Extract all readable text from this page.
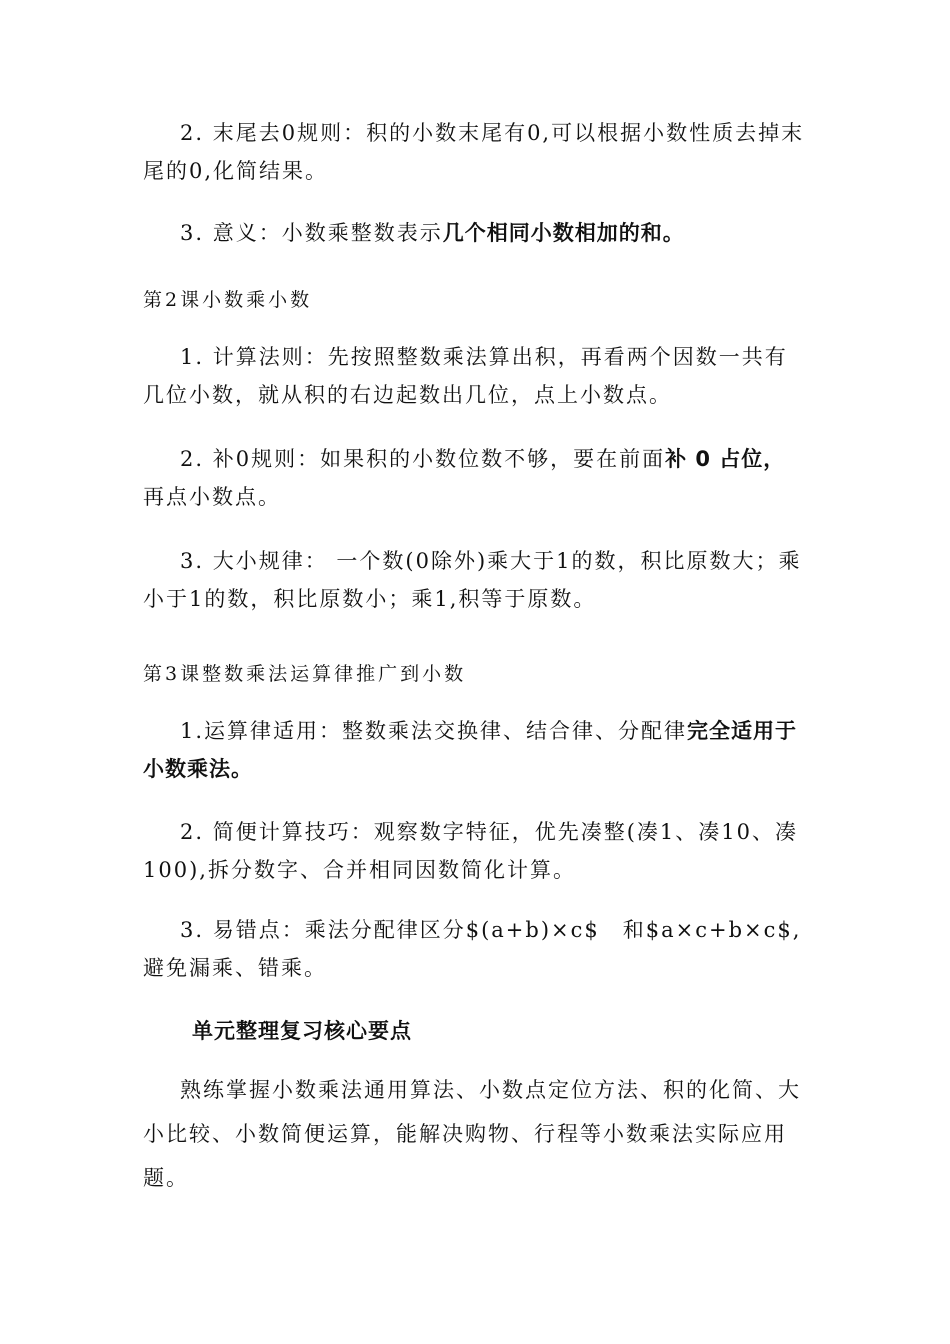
2. 末尾去0规则：积的小数末尾有0,可以根据小数性质去掉末尾的0,化简结果。

3. 意义：小数乘整数表示几个相同小数相加的和。

第2课小数乘小数

1. 计算法则：先按照整数乘法算出积，再看两个因数一共有几位小数，就从积的右边起数出几位，点上小数点。

2. 补0规则：如果积的小数位数不够，要在前面补 0 占位，再点小数点。

3. 大小规律： 一个数(0除外)乘大于1的数，积比原数大；乘小于1的数，积比原数小；乘1,积等于原数。

第3课整数乘法运算律推广到小数

1.运算律适用：整数乘法交换律、结合律、分配律完全适用于小数乘法。

2. 简便计算技巧：观察数字特征，优先凑整(凑1、凑10、凑100),拆分数字、合并相同因数简化计算。

3. 易错点：乘法分配律区分$(a+b)×c$　和$a×c+b×c$,　　避免漏乘、错乘。

单元整理复习核心要点

熟练掌握小数乘法通用算法、小数点定位方法、积的化简、大小比较、小数简便运算，能解决购物、行程等小数乘法实际应用题。
